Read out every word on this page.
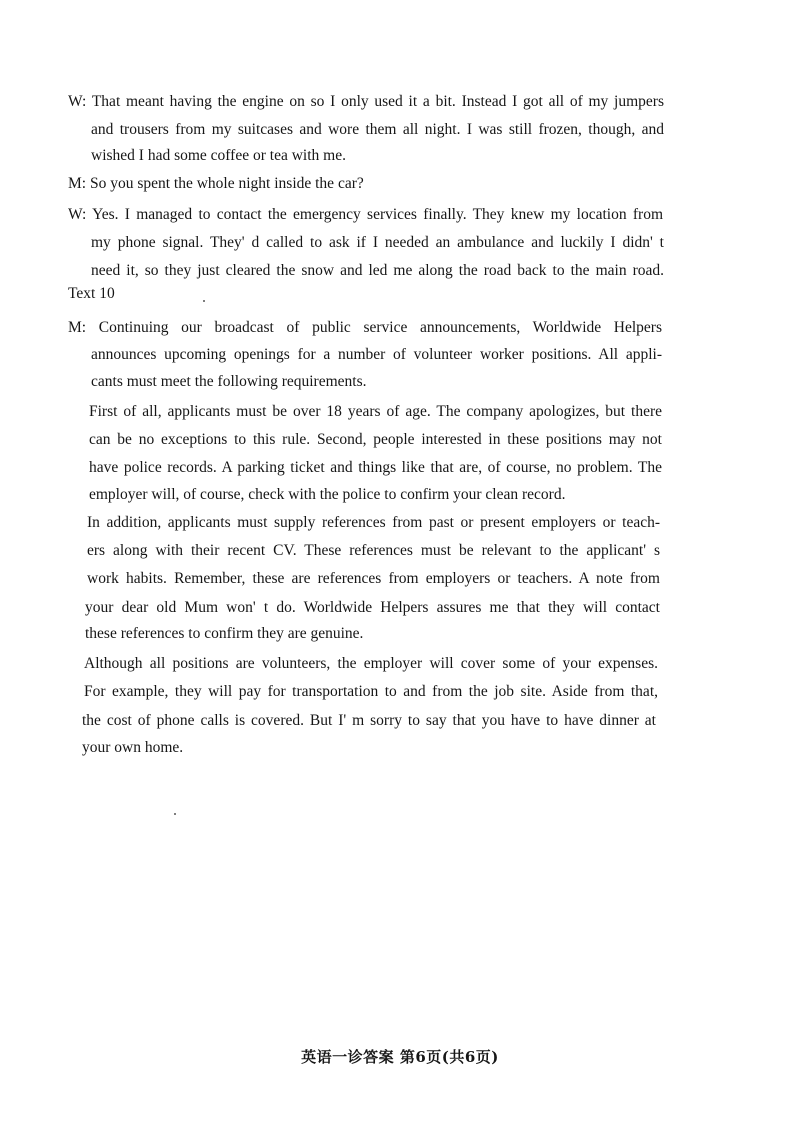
W: That meant having the engine on so I only used it a bit. Instead I got all of my jumpers
and trousers from my suitcases and wore them all night. I was still frozen, though, and
wished I had some coffee or tea with me.
M: So you spent the whole night inside the car?
W: Yes. I managed to contact the emergency services finally. They knew my location from
my phone signal. They' d called to ask if I needed an ambulance and luckily I didn' t
need it, so they just cleared the snow and led me along the road back to the main road.
Text 10
M: Continuing our broadcast of public service announcements, Worldwide Helpers
announces upcoming openings for a number of volunteer worker positions. All appli-
cants must meet the following requirements.
First of all, applicants must be over 18 years of age. The company apologizes, but there
can be no exceptions to this rule. Second, people interested in these positions may not
have police records. A parking ticket and things like that are, of course, no problem. The
employer will, of course, check with the police to confirm your clean record.
In addition, applicants must supply references from past or present employers or teach-
ers along with their recent CV. These references must be relevant to the applicant' s
work habits. Remember, these are references from employers or teachers. A note from
your dear old Mum won' t do. Worldwide Helpers assures me that they will contact
these references to confirm they are genuine.
Although all positions are volunteers, the employer will cover some of your expenses.
For example, they will pay for transportation to and from the job site. Aside from that,
the cost of phone calls is covered. But I' m sorry to say that you have to have dinner at
your own home.
英语一诊答案 第6页(共6页)
